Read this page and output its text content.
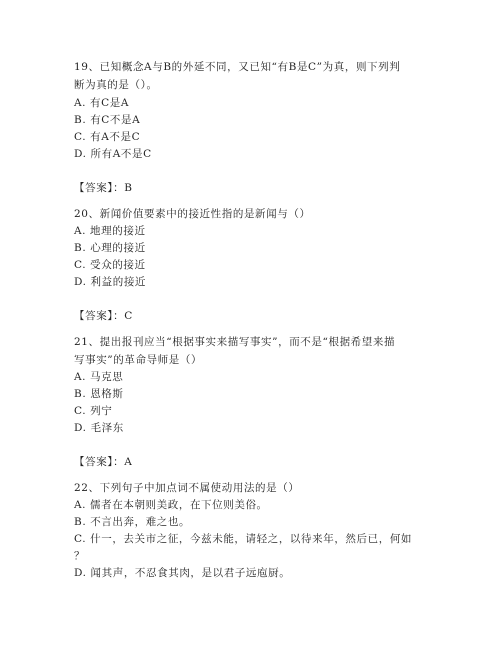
19、已知概念A与B的外延不同，又已知“有B是C”为真，则下列判
断为真的是（）。
A. 有C是A
B. 有C不是A
C. 有A不是C
D. 所有A不是C
【答案】：B
20、新闻价值要素中的接近性指的是新闻与（）
A. 地理的接近
B. 心理的接近
C. 受众的接近
D. 利益的接近
【答案】：C
21、提出报刊应当“根据事实来描写事实”，而不是“根据希望来描
写事实”的革命导师是（）
A. 马克思
B. 恩格斯
C. 列宁
D. 毛泽东
【答案】：A
22、下列句子中加点词不属使动用法的是（）
A. 儒者在本朝则美政，在下位则美俗。
B. 不言出奔，难之也。
C. 什一，去关市之征，今兹未能，请轻之，以待来年，然后已，何如
？
D. 闻其声，不忍食其肉，是以君子远庖厨。
